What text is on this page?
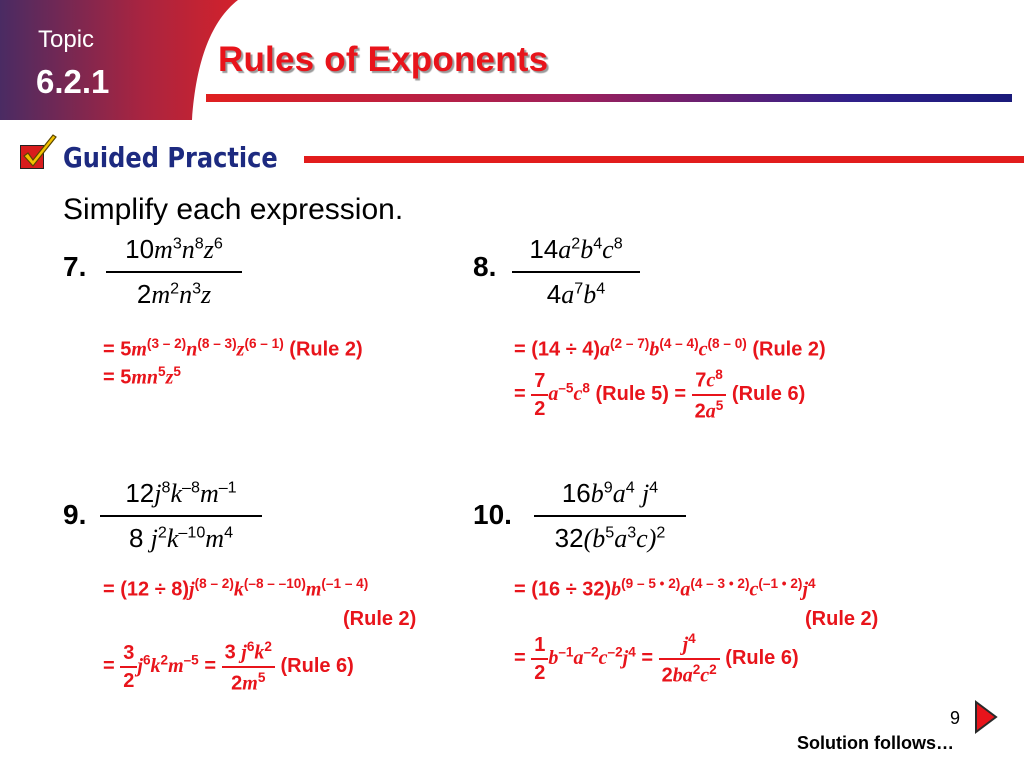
Topic
6.2.1
Rules of Exponents
Guided Practice
Simplify each expression.
7.
$10m^3n^8z^6$
$2m^2n^3z$
8.
$14a^2b^4c^8$
$4a^7b^4$
= $5m^{(3 - 2)}n^{(8 - 3)}z^{(6 - 1)}$ (Rule 2)
= $5mn^5z^5$
= $(14 \div 4)a^{(2 - 7)}b^{(4 - 4)}c^{(8 - 0)}$ (Rule 2)
= $\frac{7}{2} a^{-5}c^8$ (Rule $5) = \frac{7c^8}{2a^5}$ (Rule 6)
9.
$12j^8k^{-8}m^{-1}$
8 $j^2k^{-10}m^4$
10.
$16b^9a^4$ $j^4$
$32(b^5a^3c)^2$
= $(12 \div 8)j^{(8 - 2)}k^{(-8 - -10)}m^{(-1 - 4)}$
(Rule 2)
= $\frac{3}{2} j^6k^2m^{-5} = \frac{3 j^6k^2}{2m^5}$ (Rule 6)
= $(16 \div 32)b^{(9 - 5 • 2)}a^{(4 - 3 • 2)}c^{(-1 • 2)}j^4$
(Rule 2)
= $\frac{1}{2} b^{-1}a^{-2}c^{-2}j^4 = \frac{j^4}{2ba^2c^2}$ (Rule 6)
9
Solution follows…
